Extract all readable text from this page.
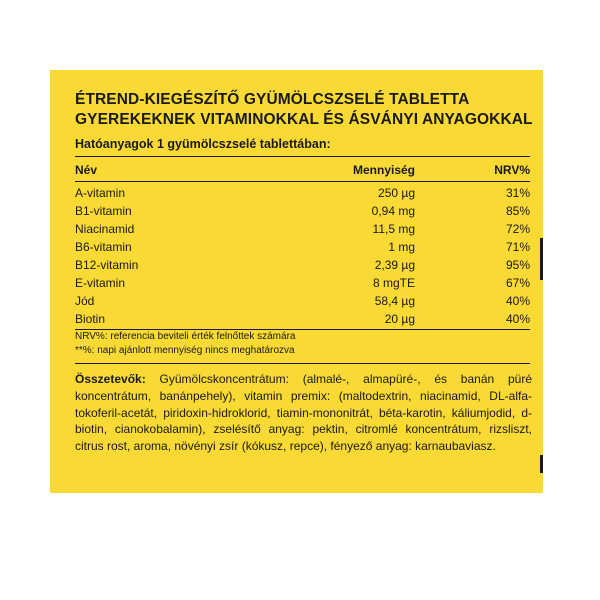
ÉTREND-KIEGÉSZÍTŐ GYÜMÖLCSZSELÉ TABLETTA
GYEREKEKNEK VITAMINOKKAL ÉS ÁSVÁNYI ANYAGOKKAL
Hatóanyagok 1 gyümölcszselé tablettában:
Név	Mennyiség	NRV%
A-vitamin	250 µg	31%
B1-vitamin	0,94 mg	85%
Niacinamid	11,5 mg	72%
B6-vitamin	1 mg	71%
B12-vitamin	2,39 µg	95%
E-vitamin	8 mgTE	67%
Jód	58,4 µg	40%
Biotin	20 µg	40%
NRV%: referencia beviteli érték felnőttek számára
**%: napi ajánlott mennyiség nincs meghatározva
Összetevők: Gyümölcskoncentrátum: (almalé-, almapüré-, és banán püré koncentrátum, banánpehely), vitamin premix: (maltodextrin, niacinamid, DL-alfa-tokoferil-acetát, piridoxin-hidroklorid, tiamin-mononitrát, béta-karotin, káliumjodid, d-biotin, cianokobalamin), zselésítő anyag: pektin, citromlé koncentrátum, rizsliszt, citrus rost, aroma, növényi zsír (kókusz, repce), fényező anyag: karnaubaviasz.
